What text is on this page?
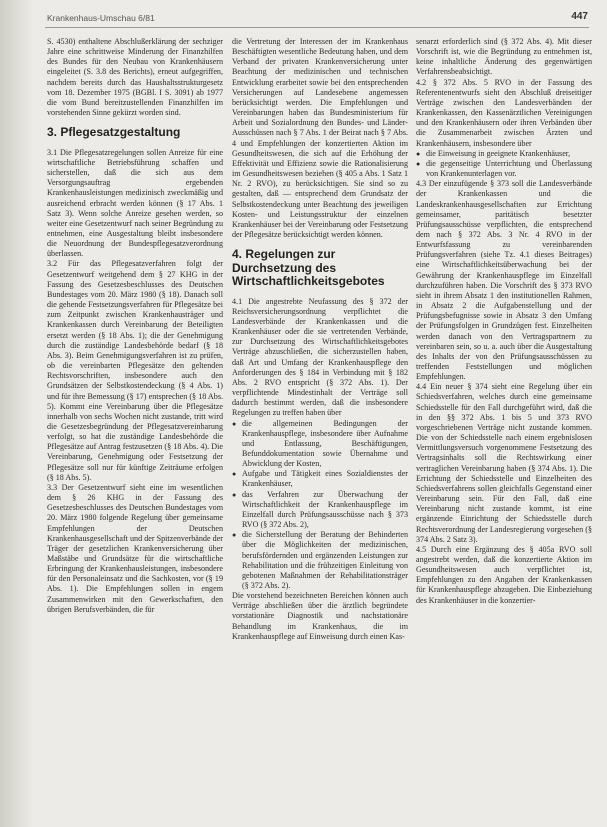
Krankenhaus-Umschau 6/81	447

S. 4530) enthaltene Abschlußerklärung der sechziger Jahre eine schrittweise Minderung der Finanzhilfen des Bundes für den Neubau von Krankenhäusern eingeleitet (S. 3.8 des Berichts), erneut aufgegriffen, nachdem bereits durch das Haushaltsstrukturgesetz vom 18. Dezember 1975 (BGBl. I S. 3091) ab 1977 die vom Bund bereitzustellenden Finanzhilfen im vorstehenden Sinne gekürzt worden sind.

3. Pflegesatzgestaltung

3.1 Die Pflegesatzregelungen sollen Anreize für eine wirtschaftliche Betriebsführung schaffen und sicherstellen, daß die sich aus dem Versorgungsauftrag ergebenden Krankenhausleistungen medizinisch zweckmäßig und ausreichend erbracht werden können (§ 17 Abs. 1 Satz 3). Wenn solche Anreize gesehen werden, so weiter eine Gesetzentwurf nach seiner Begründung zu entnehmen, eine Ausgestaltung bleibt insbesondere die Neuordnung der Bundespflegesatzverordnung überlassen.

3.2 Für das Pflegesatzverfahren folgt der Gesetzentwurf weitgehend dem § 27 KHG in der Fassung des Gesetzesbeschlusses des Deutschen Bundestages vom 20. März 1980 (§ 18). Danach soll die gehende Festsetzungsverfahren für Pflegesätze bei zum Zeitpunkt zwischen Krankenhausträger und Krankenkassen durch Vereinbarung der Beteiligten ersetzt werden (§ 18 Abs. 1); die der Genehmigung durch die zuständige Landesbehörde bedarf (§ 18 Abs. 3). Beim Genehmigungsverfahren ist zu prüfen, ob die vereinbarten Pflegesätze den geltenden Rechtsvorschriften, insbesondere auch den Grundsätzen der Selbstkostendeckung (§ 4 Abs. 1) und für ihre Bemessung (§ 17) entsprechen (§ 18 Abs. 5). Kommt eine Vereinbarung über die Pflegesätze innerhalb von sechs Wochen nicht zustande, tritt wird die Gesetzesbegründung der Pflegesatzvereinbarung verfolgt, so hat die zuständige Landesbehörde die Pflegesätze auf Antrag festzusetzen (§ 18 Abs. 4). Die Vereinbarung, Genehmigung oder Festsetzung der Pflegesätze soll nur für künftige Zeiträume erfolgen (§ 18 Abs. 5).

3.3 Der Gesetzentwurf sieht eine im wesentlichen dem § 26 KHG in der Fassung des Gesetzesbeschlusses des Deutschen Bundestages vom 20. März 1980 folgende Regelung über gemeinsame Empfehlungen der Deutschen Krankenhausgesellschaft und der Spitzenverbände der Träger der gesetzlichen Krankenversicherung über Maßstäbe und Grundsätze für die wirtschaftliche Erbringung der Krankenhausleistungen, insbesondere für den Personaleinsatz und die Sachkosten, vor (§ 19 Abs. 1). Die Empfehlungen sollen in engem Zusammenwirken mit den Gewerkschaften, den übrigen Berufsverbänden, die für

die Vertretung der Interessen der im Krankenhaus Beschäftigten wesentliche Bedeutung haben, und dem Verband der privaten Krankenversicherung unter Beachtung der medizinischen und technischen Entwicklung erarbeitet sowie bei den entsprechenden Versicherungen auf Landesebene angemessen berücksichtigt werden. Die Empfehlungen und Vereinbarungen haben das Bundesministerium für Arbeit und Sozialordnung den Bundes- und Länder-Ausschüssen nach § 7 Abs. 1 der Beirat nach § 7 Abs. 4 und Empfehlungen der konzertierten Aktion im Gesundheitswesen, die sich auf die Erhöhung der Effektivität und Effizienz sowie die Rationalisierung im Gesundheitswesen beziehen (§ 405 a Abs. 1 Satz 1 Nr. 2 RVO), zu berücksichtigen. Sie sind so zu gestalten, daß — entsprechend dem Grundsatz der Selbstkostendeckung unter Beachtung des jeweiligen Kosten- und Leistungsstruktur der einzelnen Krankenhäuser bei der Vereinbarung oder Festsetzung der Pflegesätze berücksichtigt werden können.

4. Regelungen zur Durchsetzung des Wirtschaftlichkeitsgebotes

4.1 Die angestrebte Neufassung des § 372 der Reichsversicherungsordnung verpflichtet die Landesverbände der Krankenkassen und die Krankenhäuser oder die sie vertretenden Verbände, zur Durchsetzung des Wirtschaftlichkeitsgebotes Verträge abzuschließen, die sicherzustellen haben, daß Art und Umfang der Krankenhauspflege den Anforderungen des § 184 in Verbindung mit § 182 Abs. 2 RVO entspricht (§ 372 Abs. 1). Der verpflichtende Mindestinhalt der Verträge soll dadurch bestimmt werden, daß die insbesondere Regelungen zu treffen haben über

● die allgemeinen Bedingungen der Krankenhauspflege, insbesondere über Aufnahme und Entlassung, Beschäftigungen, Befunddokumentation sowie Übernahme und Abwicklung der Kosten,
● Aufgabe und Tätigkeit eines Sozialdienstes der Krankenhäuser,
● das Verfahren zur Überwachung der Wirtschaftlichkeit der Krankenhauspflege im Einzelfall durch Prüfungsausschüsse nach § 373 RVO (§ 372 Abs. 2),
● die Sicherstellung der Beratung der Behinderten über die Möglichkeiten der medizinischen, berufsfördernden und ergänzenden Leistungen zur Rehabilitation und die frühzeitigen Einleitung von gebotenen Maßnahmen der Rehabilitationsträger (§ 372 Abs. 2).

Die vorstehend bezeichneten Bereichen können auch Verträge abschließen über die ärztlich begründete vorstationäre Diagnostik und nachstationäre Behandlung im Krankenhaus, die im Krankenhauspflege auf Einweisung durch einen Kas-

senarzt erforderlich sind (§ 372 Abs. 4). Mit dieser Vorschrift ist, wie die Begründung zu entnehmen ist, keine inhaltliche Änderung des gegenwärtigen Verfahrensbeabsichtigt.

4.2 § 372 Abs. 5 RVO in der Fassung des Referentenentwurfs sieht den Abschluß dreiseitiger Verträge zwischen den Landesverbänden der Krankenkassen, den Kassenärztlichen Vereinigungen und den Krankenhäusern oder ihren Verbänden über die Zusammenarbeit zwischen Ärzten und Krankenhäusern, insbesondere über

● die Einweisung in geeignete Krankenhäuser,
● die gegenseitige Unterrichtung und Überlassung von Krankenunterlagen vor.

4.3 Der einzufügende § 373 soll die Landesverbände der Krankenkassen und die Landeskrankenhausgesellschaften zur Errichtung gemeinsamer, paritätisch besetzter Prüfungsausschüsse verpflichten, die entsprechend dem nach § 372 Abs. 3 Nr. 4 RVO in der Entwurfsfassung zu vereinbarenden Prüfungsverfahren (siehe Tz. 4.1 dieses Beitrages) eine Wirtschaftlichkeitsüberwachung bei der Gewährung der Krankenhauspflege im Einzelfall durchzuführen haben. Die Vorschrift des § 373 RVO sieht in ihrem Absatz 1 den institutionellen Rahmen, in Absatz 2 die Aufgabenstellung und der Prüfungsbefugnisse sowie in Absatz 3 den Umfang der Prüfungsfolgen in Grundzügen fest. Einzelheiten werden danach von den Vertragspartnern zu vereinbaren sein, so u. a. auch über die Ausgestaltung des Inhalts der von den Prüfungsausschüssen zu treffenden Feststellungen und möglichen Empfehlungen.

4.4 Ein neuer § 374 sieht eine Regelung über ein Schiedsverfahren, welches durch eine gemeinsame Schiedsstelle für den Fall durchgeführt wird, daß die in den §§ 372 Abs. 1 bis 5 und 373 RVO vorgeschriebenen Verträge nicht zustande kommen. Die von der Schiedsstelle nach einem ergebnislosen Vermittlungsversuch vorgenommene Festsetzung des Vertragsinhalts soll die Rechtswirkung einer vertraglichen Vereinbarung haben (§ 374 Abs. 1). Die Errichtung der Schiedsstelle und Einzelheiten des Schiedsverfahrens sollen gleichfalls Gegenstand einer Vereinbarung sein. Für den Fall, daß eine Vereinbarung nicht zustande kommt, ist eine ergänzende Einrichtung der Schiedsstelle durch Rechtsverordnung der Landesregierung vorgesehen (§ 374 Abs. 2 Satz 3).

4.5 Durch eine Ergänzung des § 405a RVO soll angestrebt werden, daß die konzertierte Aktion im Gesundheitswesen auch verpflichtet ist, Empfehlungen zu den Angaben der Krankenkassen für Krankenhauspflege abzugeben. Die Einbeziehung des Krankenhäuser in die konzertier-
